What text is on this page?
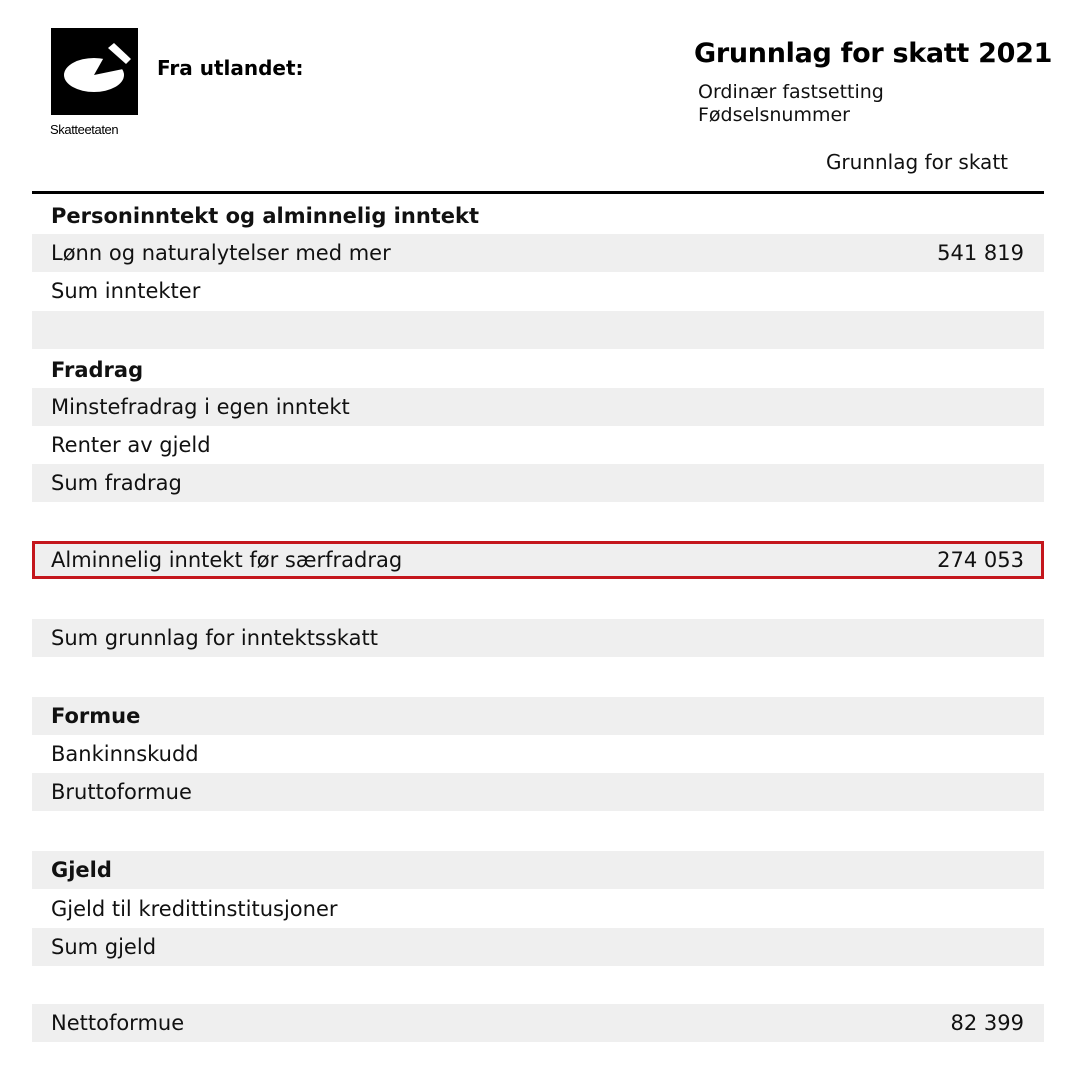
Skatteetaten
Fra utlandet:	Grunnlag for skatt 2021
Ordinær fastsetting
Fødselsnummer
Grunnlag for skatt
Personinntekt og alminnelig inntekt
Lønn og naturalytelser med mer	541 819
Sum inntekter
Fradrag
Minstefradrag i egen inntekt
Renter av gjeld
Sum fradrag
Alminnelig inntekt før særfradrag	274 053
Sum grunnlag for inntektsskatt
Formue
Bankinnskudd
Bruttoformue
Gjeld
Gjeld til kredittinstitusjoner
Sum gjeld
Nettoformue	82 399
